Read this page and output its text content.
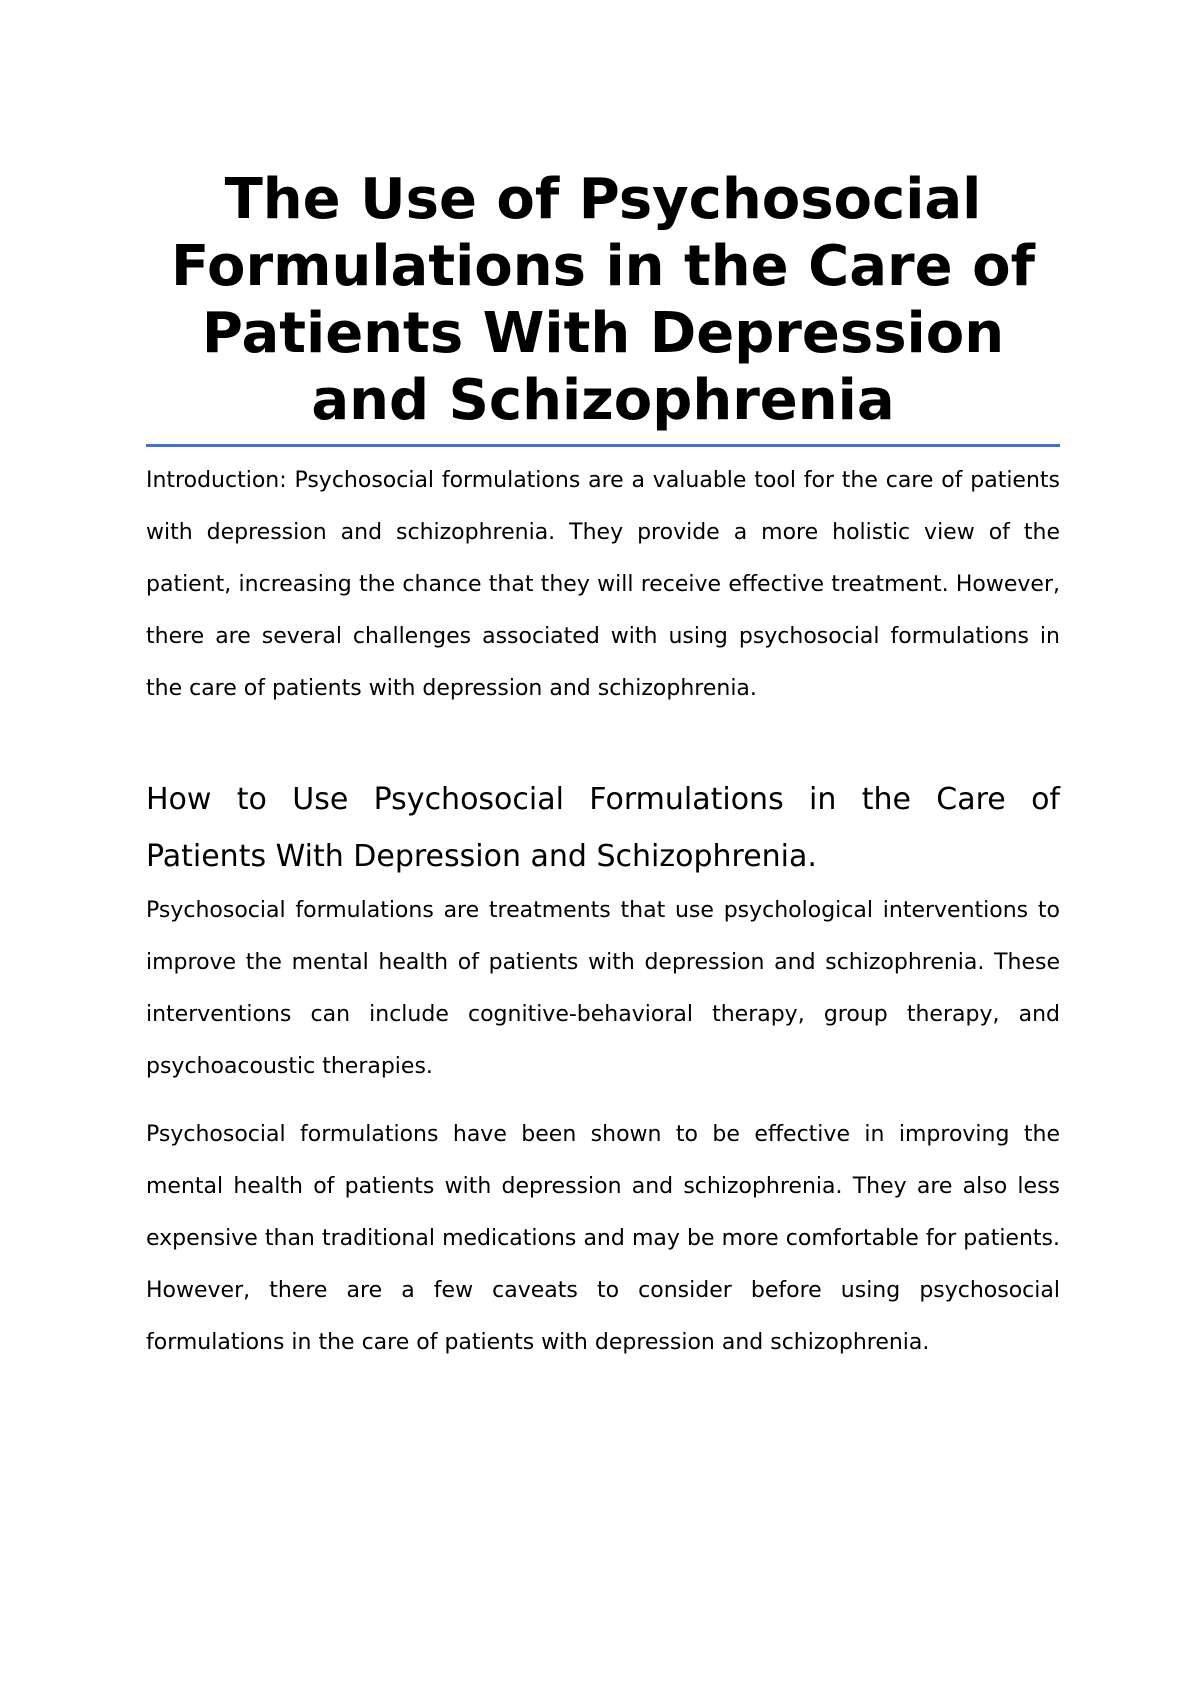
The Use of Psychosocial Formulations in the Care of Patients With Depression and Schizophrenia

Introduction: Psychosocial formulations are a valuable tool for the care of patients with depression and schizophrenia. They provide a more holistic view of the patient, increasing the chance that they will receive effective treatment. However, there are several challenges associated with using psychosocial formulations in the care of patients with depression and schizophrenia.

How to Use Psychosocial Formulations in the Care of Patients With Depression and Schizophrenia.

Psychosocial formulations are treatments that use psychological interventions to improve the mental health of patients with depression and schizophrenia. These interventions can include cognitive-behavioral therapy, group therapy, and psychoacoustic therapies.

Psychosocial formulations have been shown to be effective in improving the mental health of patients with depression and schizophrenia. They are also less expensive than traditional medications and may be more comfortable for patients. However, there are a few caveats to consider before using psychosocial formulations in the care of patients with depression and schizophrenia.
